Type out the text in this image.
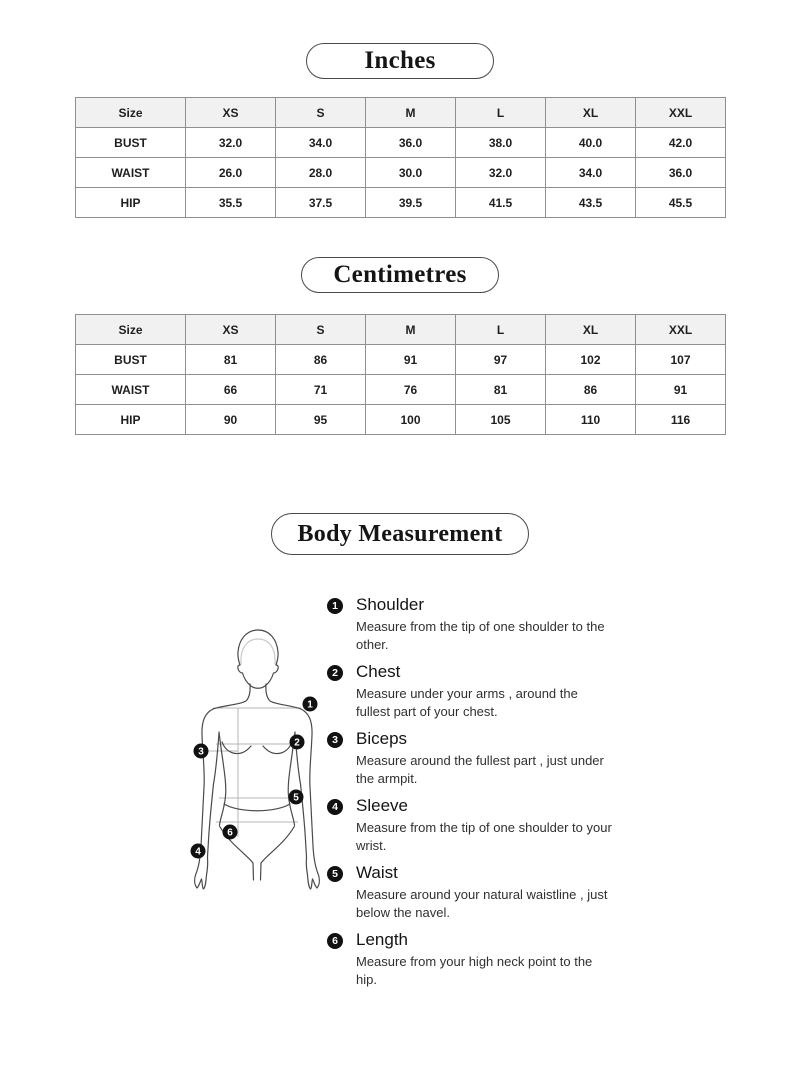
Inches
Size	XS	S	M	L	XL	XXL
BUST	32.0	34.0	36.0	38.0	40.0	42.0
WAIST	26.0	28.0	30.0	32.0	34.0	36.0
HIP	35.5	37.5	39.5	41.5	43.5	45.5
Centimetres
Size	XS	S	M	L	XL	XXL
BUST	81	86	91	97	102	107
WAIST	66	71	76	81	86	91
HIP	90	95	100	105	110	116
Body Measurement
1
2
3
5
6
4
1 Shoulder
Measure from the tip of one shoulder to the other.
2 Chest
Measure under your arms , around the fullest part of your chest.
3 Biceps
Measure around the fullest part , just under the armpit.
4 Sleeve
Measure from the tip of one shoulder to your wrist.
5 Waist
Measure around your natural waistline , just below the navel.
6 Length
Measure from your high neck point to the hip.
